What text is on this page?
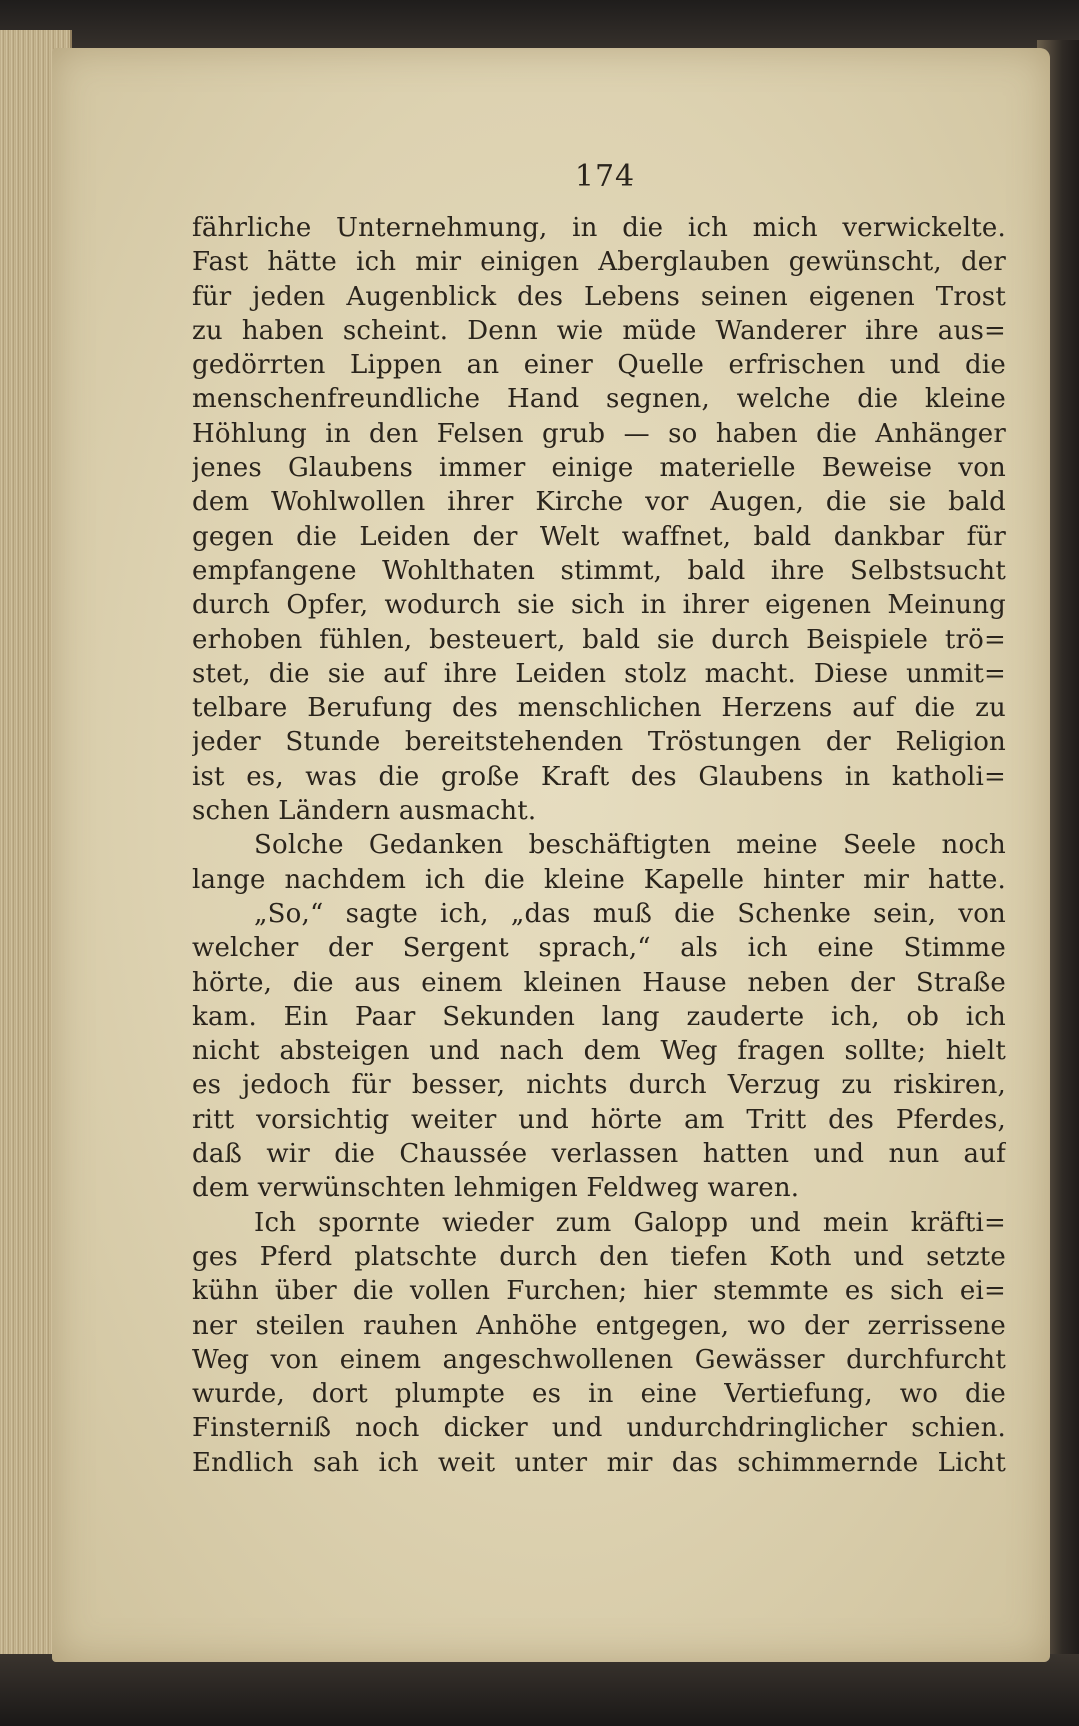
174
fährliche Unternehmung, in die ich mich verwickelte.
Fast hätte ich mir einigen Aberglauben gewünscht, der
für jeden Augenblick des Lebens seinen eigenen Trost
zu haben scheint. Denn wie müde Wanderer ihre aus=
gedörrten Lippen an einer Quelle erfrischen und die
menschenfreundliche Hand segnen, welche die kleine
Höhlung in den Felsen grub — so haben die Anhänger
jenes Glaubens immer einige materielle Beweise von
dem Wohlwollen ihrer Kirche vor Augen, die sie bald
gegen die Leiden der Welt waffnet, bald dankbar für
empfangene Wohlthaten stimmt, bald ihre Selbstsucht
durch Opfer, wodurch sie sich in ihrer eigenen Meinung
erhoben fühlen, besteuert, bald sie durch Beispiele trö=
stet, die sie auf ihre Leiden stolz macht. Diese unmit=
telbare Berufung des menschlichen Herzens auf die zu
jeder Stunde bereitstehenden Tröstungen der Religion
ist es, was die große Kraft des Glaubens in katholi=
schen Ländern ausmacht.
Solche Gedanken beschäftigten meine Seele noch
lange nachdem ich die kleine Kapelle hinter mir hatte.
„So,“ sagte ich, „das muß die Schenke sein, von
welcher der Sergent sprach,“ als ich eine Stimme
hörte, die aus einem kleinen Hause neben der Straße
kam. Ein Paar Sekunden lang zauderte ich, ob ich
nicht absteigen und nach dem Weg fragen sollte; hielt
es jedoch für besser, nichts durch Verzug zu riskiren,
ritt vorsichtig weiter und hörte am Tritt des Pferdes,
daß wir die Chaussée verlassen hatten und nun auf
dem verwünschten lehmigen Feldweg waren.
Ich spornte wieder zum Galopp und mein kräfti=
ges Pferd platschte durch den tiefen Koth und setzte
kühn über die vollen Furchen; hier stemmte es sich ei=
ner steilen rauhen Anhöhe entgegen, wo der zerrissene
Weg von einem angeschwollenen Gewässer durchfurcht
wurde, dort plumpte es in eine Vertiefung, wo die
Finsterniß noch dicker und undurchdringlicher schien.
Endlich sah ich weit unter mir das schimmernde Licht
